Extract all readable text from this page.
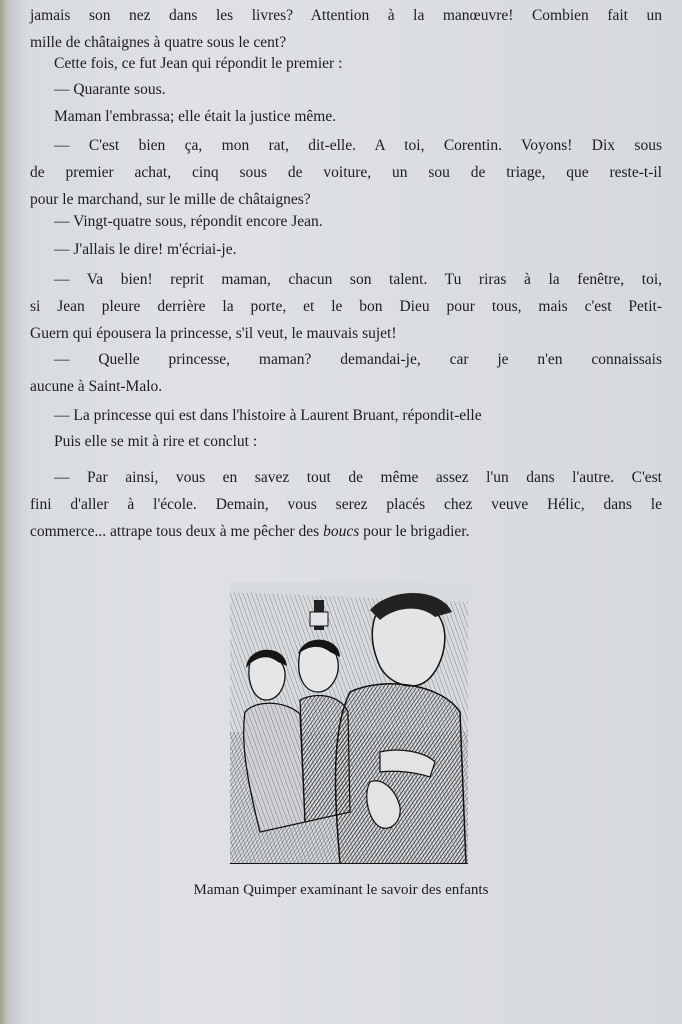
jamais son nez dans les livres? Attention à la manœuvre! Combien fait un
mille de châtaignes à quatre sous le cent?
Cette fois, ce fut Jean qui répondit le premier :
— Quarante sous.
Maman l'embrassa; elle était la justice même.
— C'est bien ça, mon rat, dit-elle. A toi, Corentin. Voyons! Dix sous
de premier achat, cinq sous de voiture, un sou de triage, que reste-t-il
pour le marchand, sur le mille de châtaignes?
— Vingt-quatre sous, répondit encore Jean.
— J'allais le dire! m'écriai-je.
— Va bien! reprit maman, chacun son talent. Tu riras à la fenêtre, toi,
si Jean pleure derrière la porte, et le bon Dieu pour tous, mais c'est Petit-
Guern qui épousera la princesse, s'il veut, le mauvais sujet!
— Quelle princesse, maman? demandai-je, car je n'en connaissais
aucune à Saint-Malo.
— La princesse qui est dans l'histoire à Laurent Bruant, répondit-elle
Puis elle se mit à rire et conclut :
— Par ainsi, vous en savez tout de même assez l'un dans l'autre. C'est
fini d'aller à l'école. Demain, vous serez placés chez veuve Hélic, dans le
commerce... attrape tous deux à me pêcher des boucs pour le brigadier.
Maman Quimper examinant le savoir des enfants
